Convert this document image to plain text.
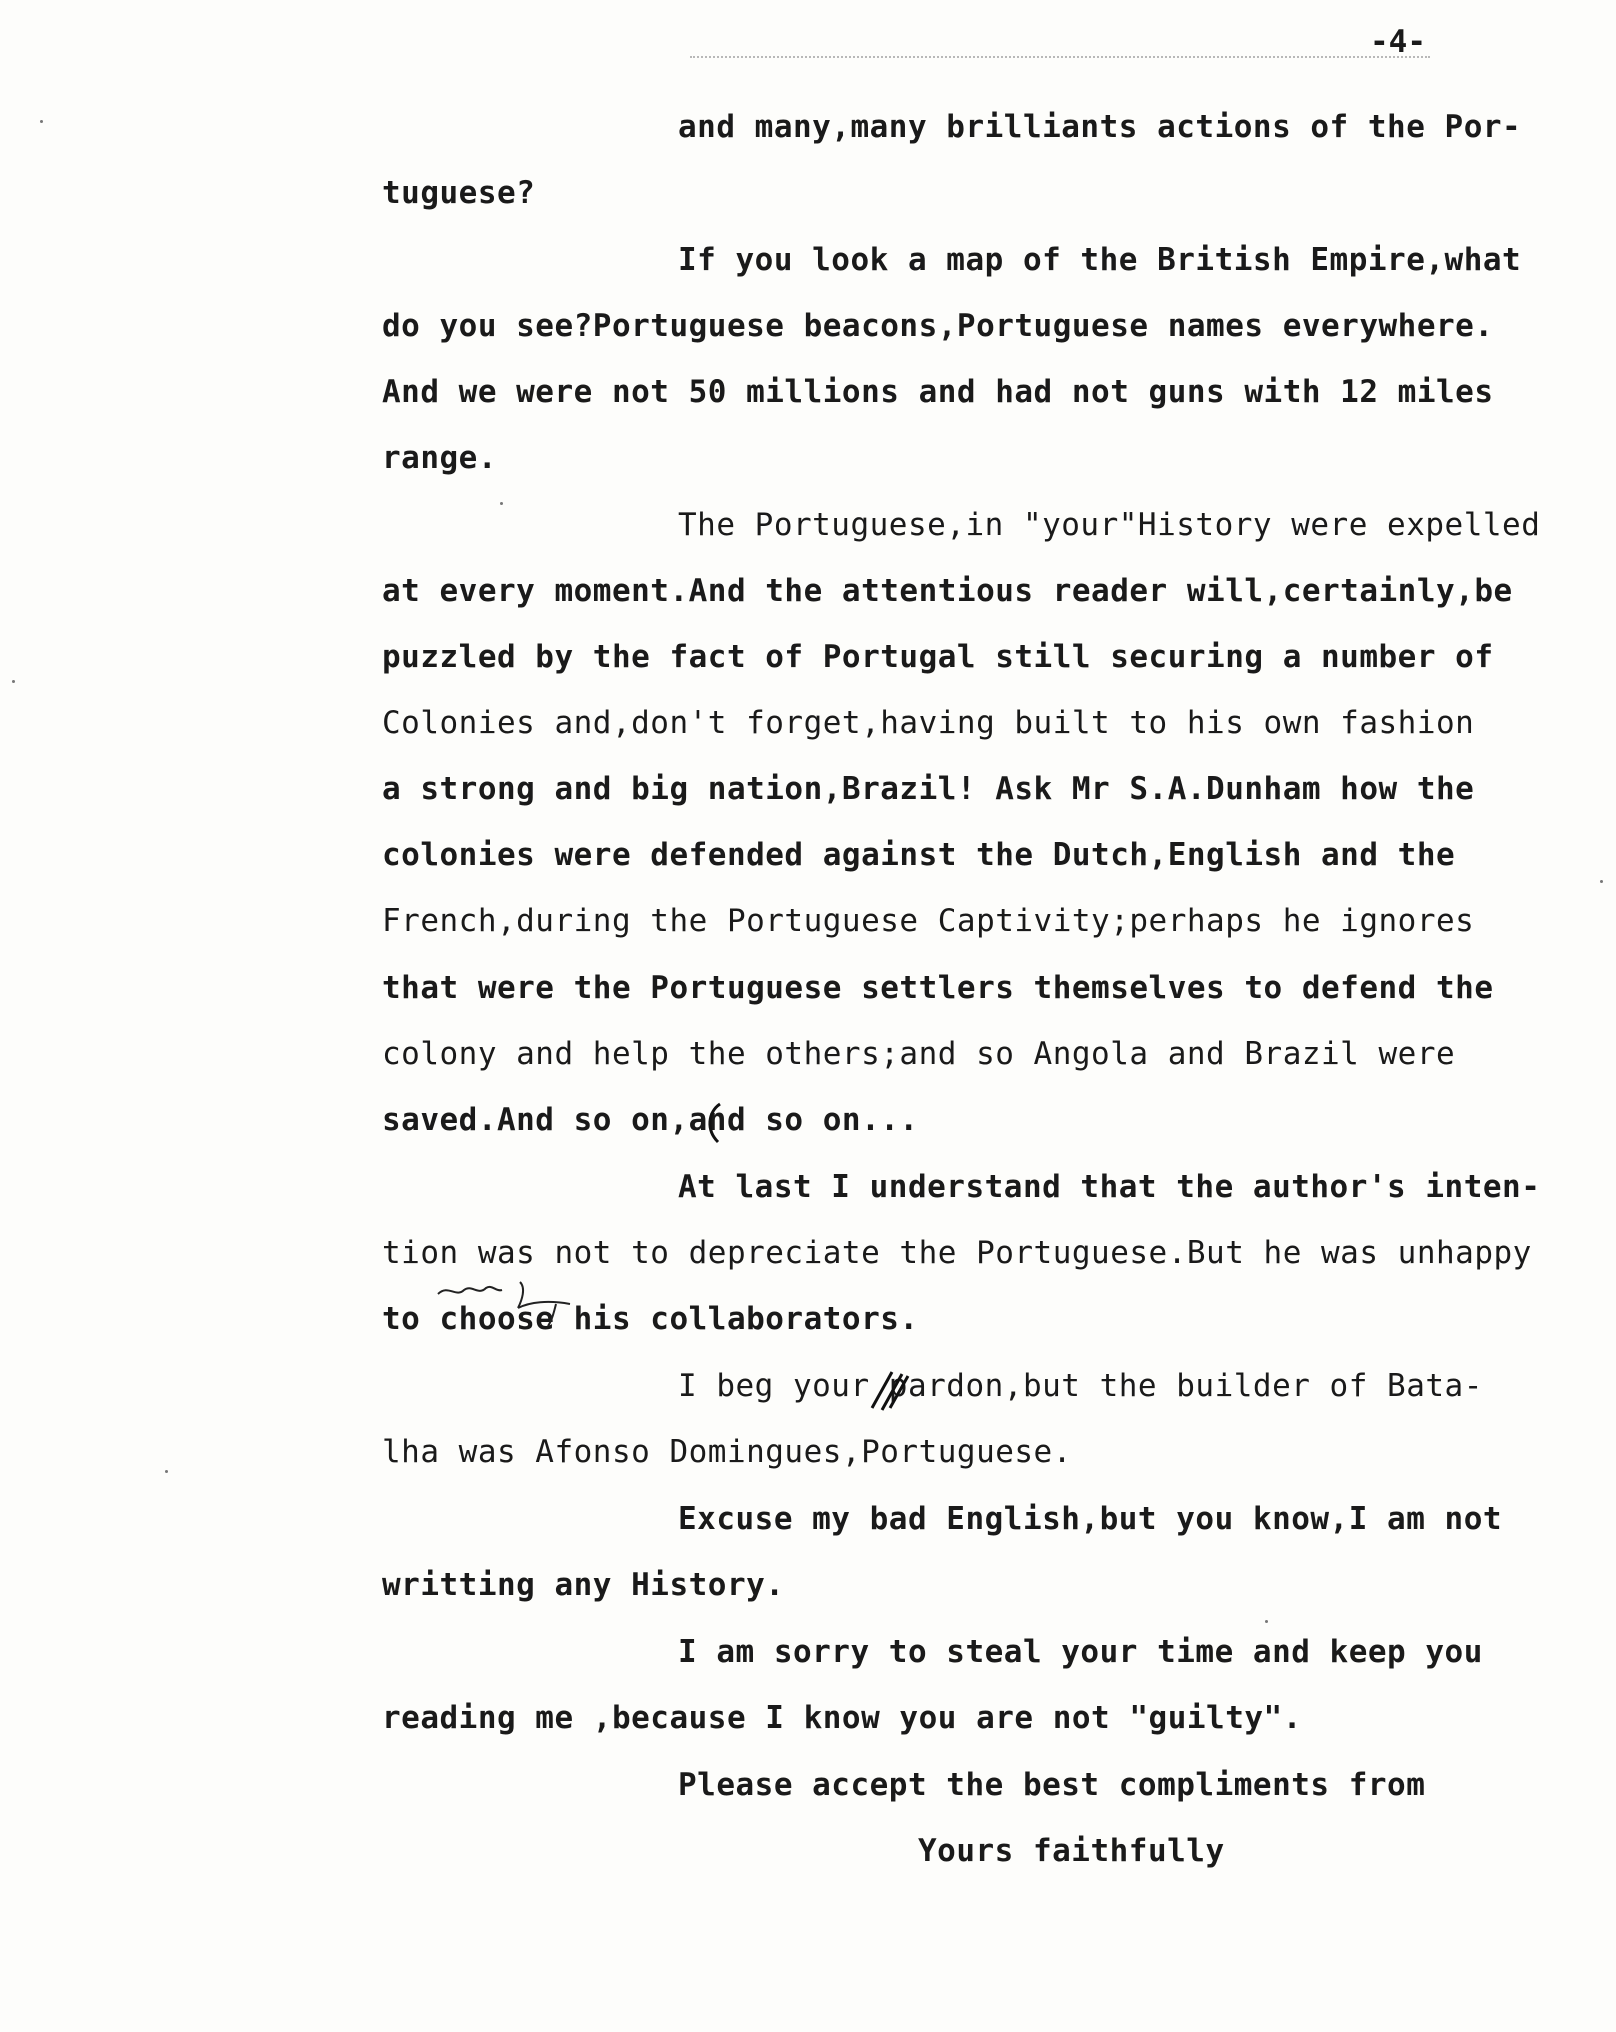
-4-
and many,many brilliants actions of the Por-
tuguese?
If you look a map of the British Empire,what
do you see?Portuguese beacons,Portuguese names everywhere.
And we were not 50 millions and had not guns with 12 miles
range.
The Portuguese,in "your"History were expelled
at every moment.And the attentious reader will,certainly,be
puzzled by the fact of Portugal still securing a number of
Colonies and,don't forget,having built to his own fashion
a strong and big nation,Brazil! Ask Mr S.A.Dunham how the
colonies were defended against the Dutch,English and the
French,during the Portuguese Captivity;perhaps he ignores
that were the Portuguese settlers themselves to defend the
colony and help the others;and so Angola and Brazil were
saved.And so on,and so on...
At last I understand that the author's inten-
tion was not to depreciate the Portuguese.But he was unhappy
to choose his collaborators.
I beg your pardon,but the builder of Bata-
lha was Afonso Domingues,Portuguese.
Excuse my bad English,but you know,I am not
writting any History.
I am sorry to steal your time and keep you
reading me ,because I know you are not "guilty".
Please accept the best compliments from
Yours faithfully
